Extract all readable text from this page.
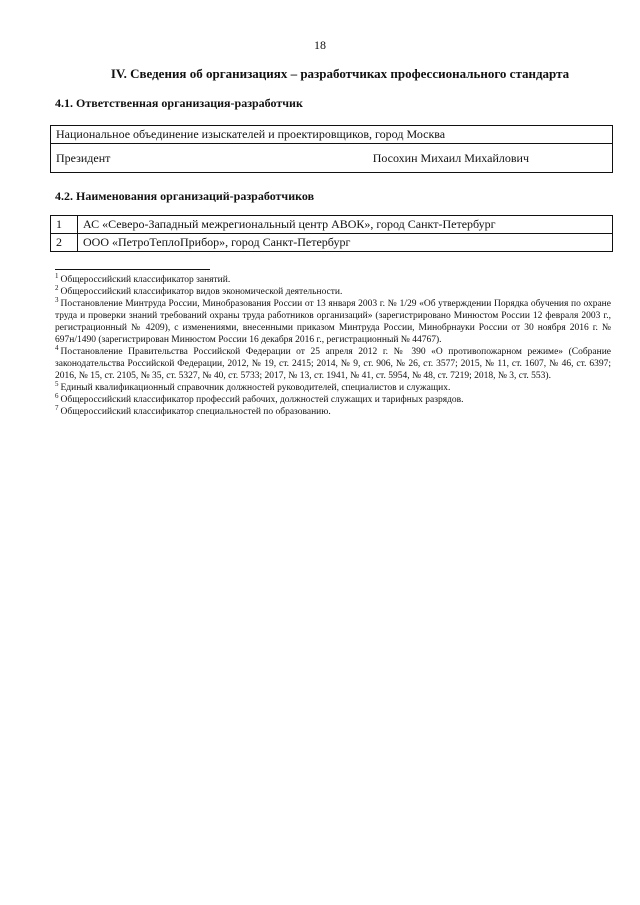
18
IV. Сведения об организациях – разработчиках профессионального стандарта
4.1. Ответственная организация-разработчик
Национальное объединение изыскателей и проектировщиков, город Москва

Президент	Посохин Михаил Михайлович
4.2. Наименования организаций-разработчиков
1	АС «Северо-Западный межрегиональный центр АВОК», город Санкт-Петербург
2	ООО «ПетроТеплоПрибор», город Санкт-Петербург

$^1$ Общероссийский классификатор занятий.

$^2$ Общероссийский классификатор видов экономической деятельности.

$^3$ Постановление Минтруда России, Минобразования России от 13 января 2003 г. № 1/29 «Об утверждении Порядка обучения по охране труда и проверки знаний требований охраны труда работников организаций» (зарегистрировано Минюстом России 12 февраля 2003 г., регистрационный № 4209), с изменениями, внесенными приказом Минтруда России, Минобрнауки России от 30 ноября 2016 г. № 697н/1490 (зарегистрирован Минюстом России 16 декабря 2016 г., регистрационный № 44767).

$^4$ Постановление Правительства Российской Федерации от 25 апреля 2012 г. № 390 «О противопожарном режиме» (Собрание законодательства Российской Федерации, 2012, № 19, ст. 2415; 2014, № 9, ст. 906, № 26, ст. 3577; 2015, № 11, ст. 1607, № 46, ст. 6397; 2016, № 15, ст. 2105, № 35, ст. 5327, № 40, ст. 5733; 2017, № 13, ст. 1941, № 41, ст. 5954, № 48, ст. 7219; 2018, № 3, ст. 553).

$^5$ Единый квалификационный справочник должностей руководителей, специалистов и служащих.

$^6$ Общероссийский классификатор профессий рабочих, должностей служащих и тарифных разрядов.

$^7$ Общероссийский классификатор специальностей по образованию.
